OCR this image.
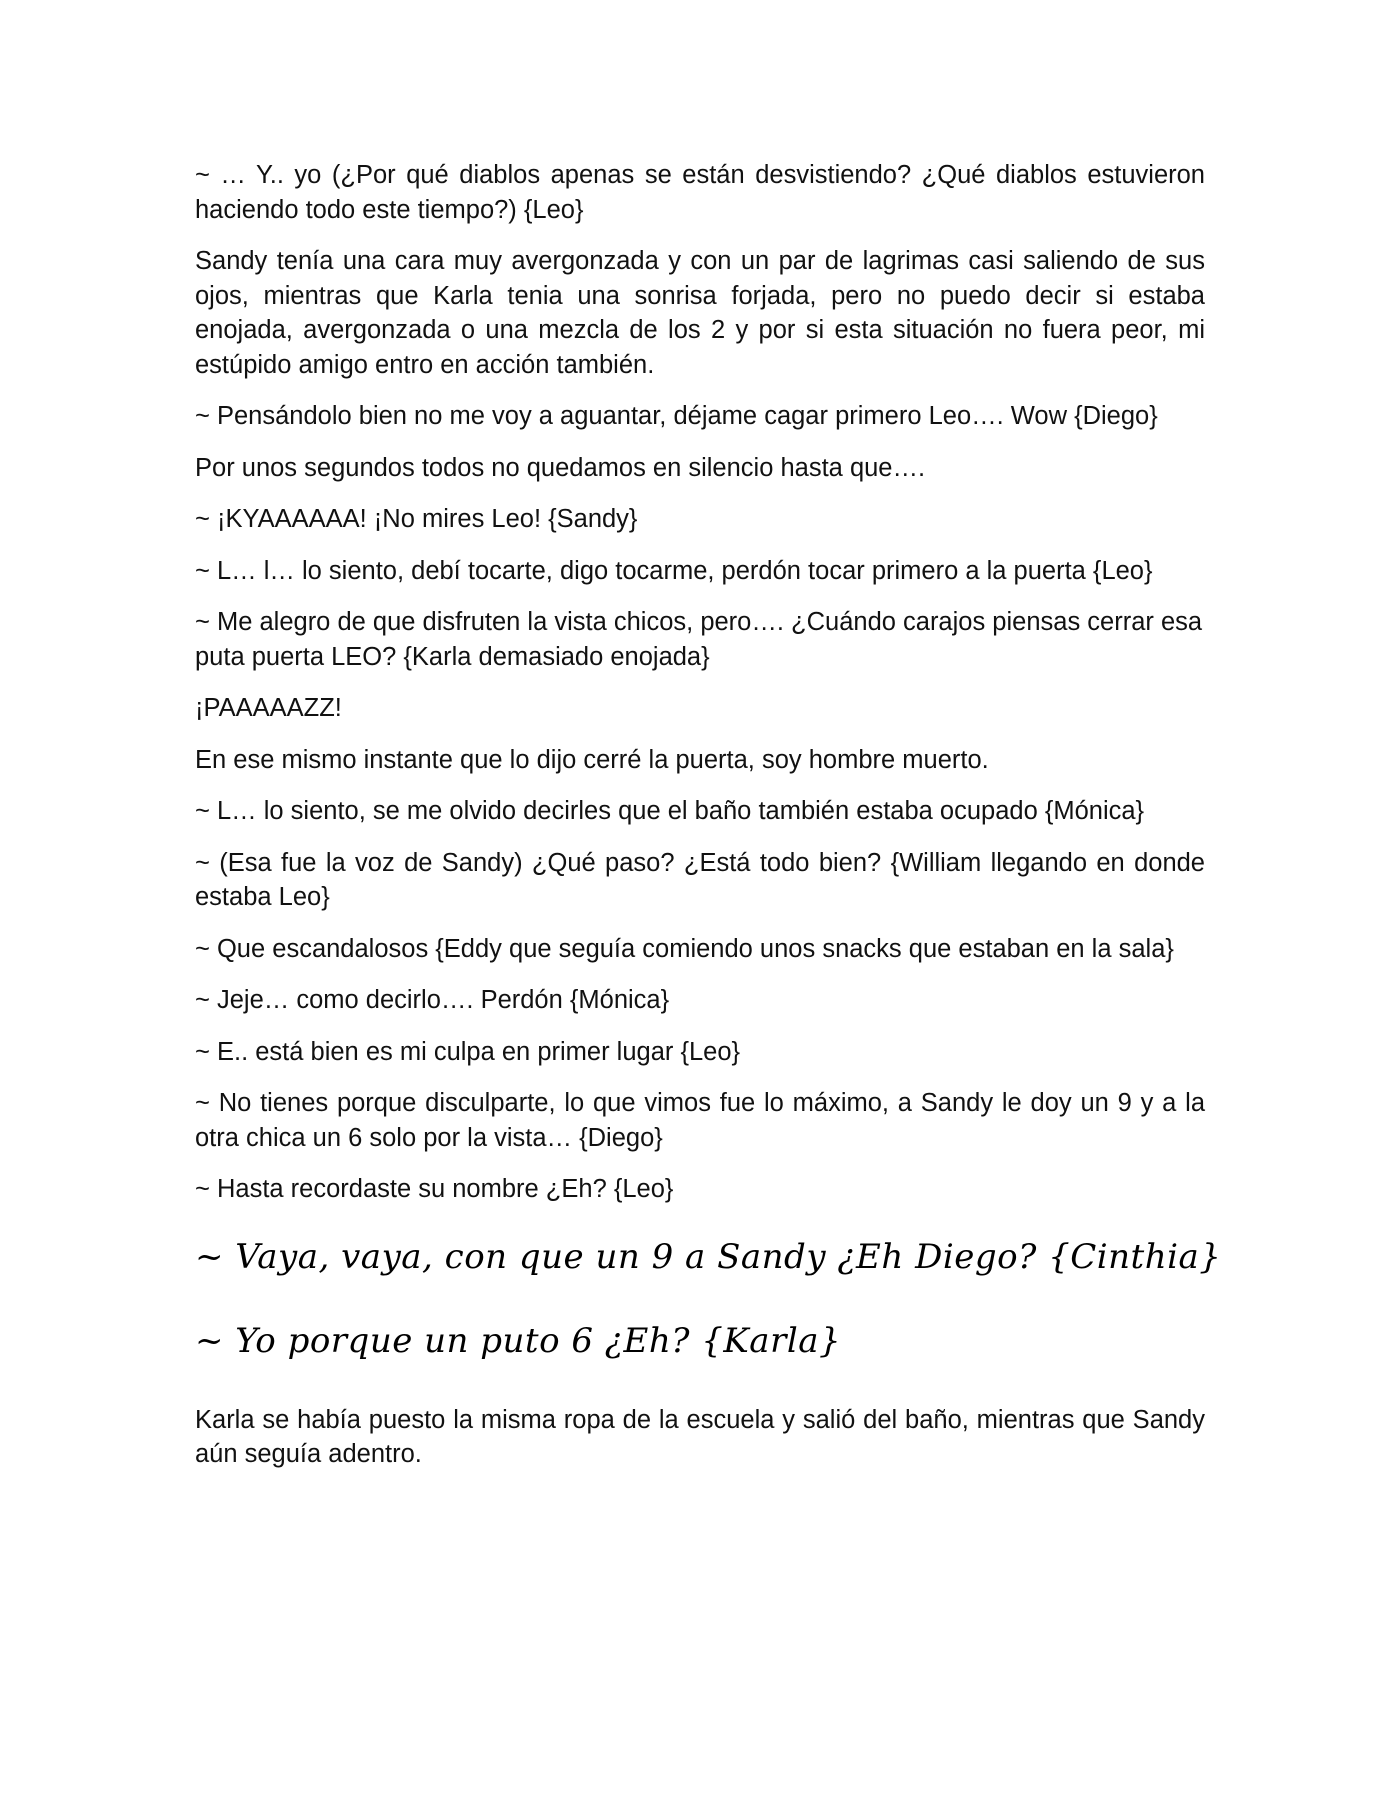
~ … Y.. yo (¿Por qué diablos apenas se están desvistiendo? ¿Qué diablos estuvieron haciendo todo este tiempo?) {Leo}

Sandy tenía una cara muy avergonzada y con un par de lagrimas casi saliendo de sus ojos, mientras que Karla tenia una sonrisa forjada, pero no puedo decir si estaba enojada, avergonzada o una mezcla de los 2 y por si esta situación no fuera peor, mi estúpido amigo entro en acción también.

~ Pensándolo bien no me voy a aguantar, déjame cagar primero Leo…. Wow {Diego}

Por unos segundos todos no quedamos en silencio hasta que….

~ ¡KYAAAAAA! ¡No mires Leo! {Sandy}

~ L… l… lo siento, debí tocarte, digo tocarme, perdón tocar primero a la puerta {Leo}

~ Me alegro de que disfruten la vista chicos, pero…. ¿Cuándo carajos piensas cerrar esa puta puerta LEO? {Karla demasiado enojada}

¡PAAAAAZZ!

En ese mismo instante que lo dijo cerré la puerta, soy hombre muerto.

~ L… lo siento, se me olvido decirles que el baño también estaba ocupado {Mónica}

~ (Esa fue la voz de Sandy) ¿Qué paso? ¿Está todo bien? {William llegando en donde estaba Leo}

~ Que escandalosos {Eddy que seguía comiendo unos snacks que estaban en la sala}

~ Jeje… como decirlo…. Perdón {Mónica}

~ E.. está bien es mi culpa en primer lugar {Leo}

~ No tienes porque disculparte, lo que vimos fue lo máximo, a Sandy le doy un 9 y a la otra chica un 6 solo por la vista… {Diego}

~ Hasta recordaste su nombre ¿Eh? {Leo}

~ Vaya, vaya, con que un 9 a Sandy ¿Eh Diego? {Cinthia}

~ Yo porque un puto 6 ¿Eh? {Karla}

Karla se había puesto la misma ropa de la escuela y salió del baño, mientras que Sandy aún seguía adentro.
